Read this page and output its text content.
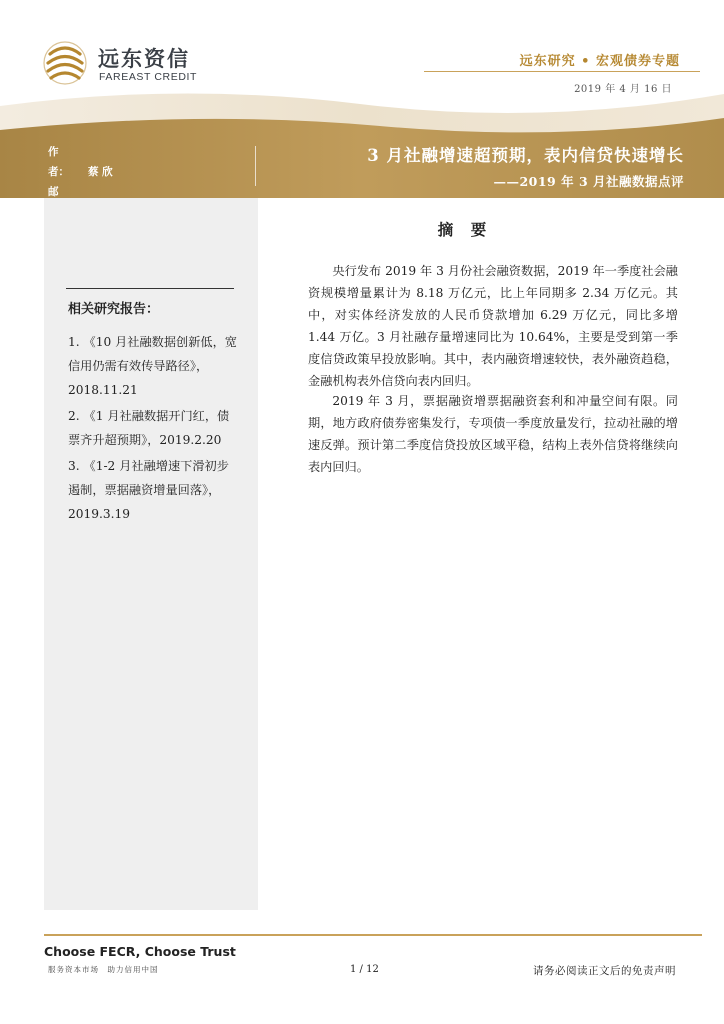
远东资信
FAREAST CREDIT
远东研究 • 宏观债券专题
2019 年 4 月 16 日
作　者： 蔡 欣
邮　
3 月社融增速超预期，表内信贷快速增长
——2019 年 3 月社融数据点评
相关研究报告：
1. 《10 月社融数据创新低，宽信用仍需有效传导路径》，2018.11.21
2. 《1 月社融数据开门红，债票齐升超预期》，2019.2.20
3. 《1-2 月社融增速下滑初步遏制，票据融资增量回落》，2019.3.19
摘 要

央行发布 2019 年 3 月份社会融资数据，2019 年一季度社会融资规模增量累计为 8.18 万亿元，比上年同期多 2.34 万亿元。其中，对实体经济发放的人民币贷款增加 6.29 万亿元，同比多增 1.44 万亿。3 月社融存量增速同比为 10.64%，主要是受到第一季度信贷政策早投放影响。其中，表内融资增速较快，表外融资趋稳，金融机构表外信贷向表内回归。

2019 年 3 月，票据融资增票据融资套利和冲量空间有限。同期，地方政府债券密集发行，专项债一季度放量发行，拉动社融的增速反弹。预计第二季度信贷投放区域平稳，结构上表外信贷将继续向表内回归。

Choose FECR, Choose Trust
服务资本市场　助力信用中国	1 / 12	请务必阅读正文后的免责声明
